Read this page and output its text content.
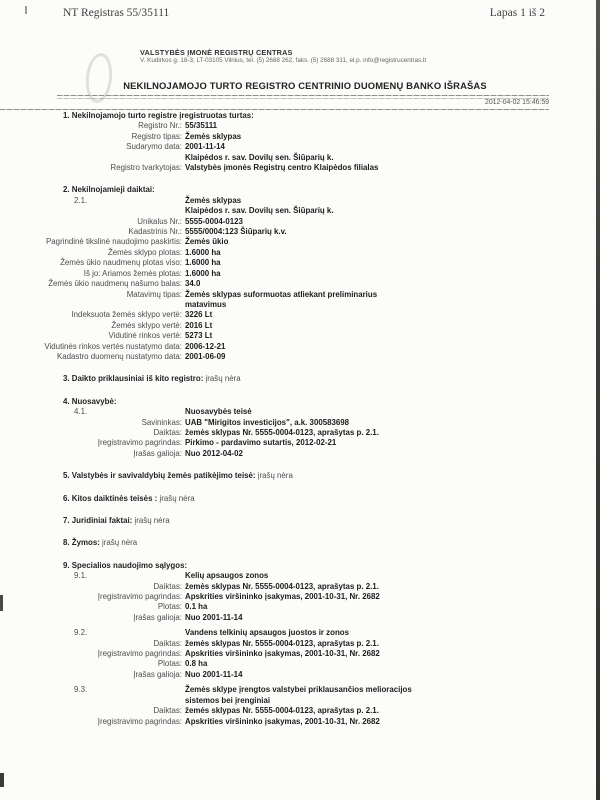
NT Registras 55/35111	Lapas 1 iš 2
VALSTYBĖS ĮMONĖ REGISTRŲ CENTRAS
V. Kudirkos g. 18-3, LT-03105 Vilnius, tel. (5) 2688 262, faks. (5) 2688 311, el.p. info@registrucentras.lt
NEKILNOJAMOJO TURTO REGISTRO CENTRINIO DUOMENŲ BANKO IŠRAŠAS
2012-04-02 15:46:59
1. Nekilnojamojo turto registre įregistruotas turtas:
Registro Nr.: 55/35111
Registro tipas: Žemės sklypas
Sudarymo data: 2001-11-14
Klaipėdos r. sav. Dovilų sen. Šiūparių k.
Registro tvarkytojas: Valstybės įmonės Registrų centro Klaipėdos filialas
2. Nekilnojamieji daiktai:
2.1.	Žemės sklypas
Klaipėdos r. sav. Dovilų sen. Šiūparių k.
Unikalus Nr.: 5555-0004-0123
Kadastrinis Nr.: 5555/0004:123 Šiūparių k.v.
Pagrindinė tikslinė naudojimo paskirtis: Žemės ūkio
Žemės sklypo plotas: 1.6000 ha
Žemės ūkio naudmenų plotas viso: 1.6000 ha
Iš jo: Ariamos žemės plotas: 1.6000 ha
Žemės ūkio naudmenų našumo balas: 34.0
Matavimų tipas: Žemės sklypas suformuotas atliekant preliminarius
matavimus
Indeksuota žemės sklypo vertė: 3226 Lt
Žemės sklypo vertė: 2016 Lt
Vidutinė rinkos vertė: 5273 Lt
Vidutinės rinkos vertės nustatymo data: 2006-12-21
Kadastro duomenų nustatymo data: 2001-06-09
3. Daikto priklausiniai iš kito registro: įrašų nėra
4. Nuosavybė:
4.1.	Nuosavybės teisė
Savininkas: UAB "Mirigitos investicijos", a.k. 300583698
Daiktas: žemės sklypas Nr. 5555-0004-0123, aprašytas p. 2.1.
Įregistravimo pagrindas: Pirkimo - pardavimo sutartis, 2012-02-21
Įrašas galioja: Nuo 2012-04-02
5. Valstybės ir savivaldybių žemės patikėjimo teisė: įrašų nėra
6. Kitos daiktinės teisės : įrašų nėra
7. Juridiniai faktai: įrašų nėra
8. Žymos: įrašų nėra
9. Specialios naudojimo sąlygos:
9.1.	Kelių apsaugos zonos
Daiktas: žemės sklypas Nr. 5555-0004-0123, aprašytas p. 2.1.
Įregistravimo pagrindas: Apskrities viršininko įsakymas, 2001-10-31, Nr. 2682
Plotas: 0.1 ha
Įrašas galioja: Nuo 2001-11-14
9.2.	Vandens telkinių apsaugos juostos ir zonos
Daiktas: žemės sklypas Nr. 5555-0004-0123, aprašytas p. 2.1.
Įregistravimo pagrindas: Apskrities viršininko įsakymas, 2001-10-31, Nr. 2682
Plotas: 0.8 ha
Įrašas galioja: Nuo 2001-11-14
9.3.	Žemės sklype įrengtos valstybei priklausančios melioracijos
sistemos bei įrenginiai
Daiktas: žemės sklypas Nr. 5555-0004-0123, aprašytas p. 2.1.
Įregistravimo pagrindas: Apskrities viršininko įsakymas, 2001-10-31, Nr. 2682
